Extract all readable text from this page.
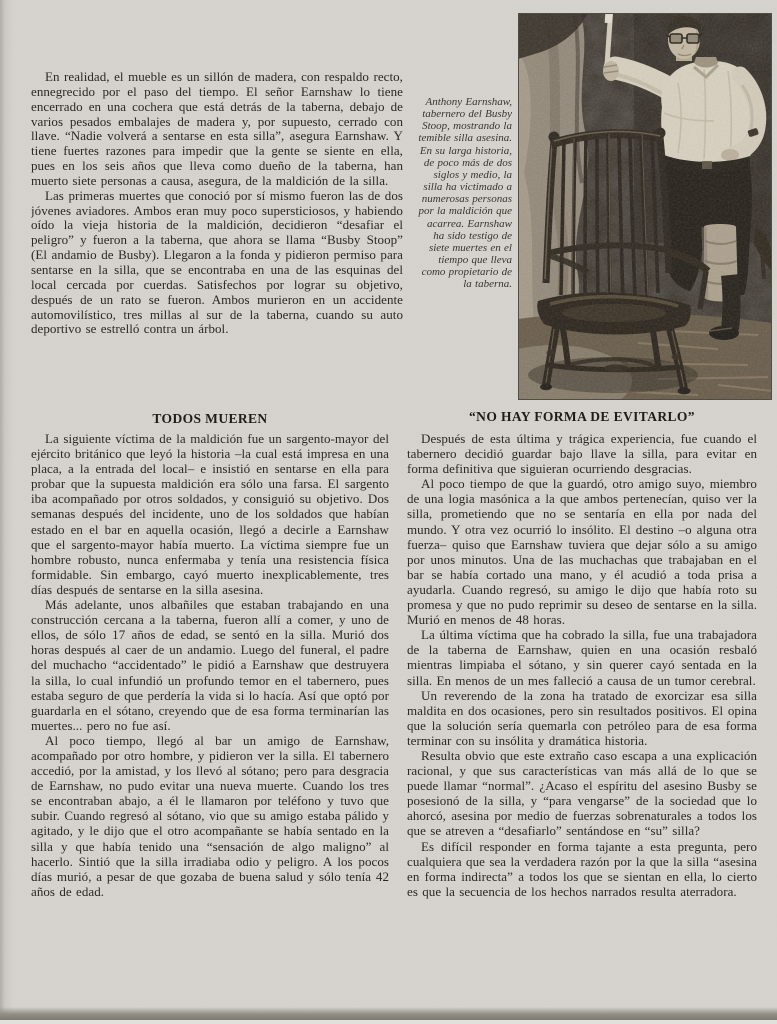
En realidad, el mueble es un sillón de madera, con respaldo recto, ennegrecido por el paso del tiempo. El señor Earnshaw lo tiene encerrado en una cochera que está detrás de la taberna, debajo de varios pesados embalajes de madera y, por supuesto, cerrado con llave. “Nadie volverá a sentarse en esta silla”, asegura Earnshaw. Y tiene fuertes razones para impedir que la gente se siente en ella, pues en los seis años que lleva como dueño de la taberna, han muerto siete personas a causa, asegura, de la maldición de la silla.

Las primeras muertes que conoció por sí mismo fueron las de dos jóvenes aviadores. Ambos eran muy poco supersticiosos, y habiendo oído la vieja historia de la maldición, decidieron “desafiar el peligro” y fueron a la taberna, que ahora se llama “Busby Stoop” (El andamio de Busby). Llegaron a la fonda y pidieron permiso para sentarse en la silla, que se encontraba en una de las esquinas del local cercada por cuerdas. Satisfechos por lograr su objetivo, después de un rato se fueron. Ambos murieron en un accidente automovilístico, tres millas al sur de la taberna, cuando su auto deportivo se estrelló contra un árbol.

Anthony Earnshaw, tabernero del Busby Stoop, mostrando la temible silla asesina. En su larga historia, de poco más de dos siglos y medio, la silla ha victimado a numerosas personas por la maldición que acarrea. Earnshaw ha sido testigo de siete muertes en el tiempo que lleva como propietario de la taberna.
TODOS MUEREN	“NO HAY FORMA DE EVITARLO”

La siguiente víctima de la maldición fue un sargento-mayor del ejército británico que leyó la historia –la cual está impresa en una placa, a la entrada del local– e insistió en sentarse en ella para probar que la supuesta maldición era sólo una farsa. El sargento iba acompañado por otros soldados, y consiguió su objetivo. Dos semanas después del incidente, uno de los soldados que habían estado en el bar en aquella ocasión, llegó a decirle a Earnshaw que el sargento-mayor había muerto. La víctima siempre fue un hombre robusto, nunca enfermaba y tenía una resistencia física formidable. Sin embargo, cayó muerto inexplicablemente, tres días después de sentarse en la silla asesina.

Más adelante, unos albañiles que estaban trabajando en una construcción cercana a la taberna, fueron allí a comer, y uno de ellos, de sólo 17 años de edad, se sentó en la silla. Murió dos horas después al caer de un andamio. Luego del funeral, el padre del muchacho “accidentado” le pidió a Earnshaw que destruyera la silla, lo cual infundió un profundo temor en el tabernero, pues estaba seguro de que perdería la vida si lo hacía. Así que optó por guardarla en el sótano, creyendo que de esa forma terminarían las muertes... pero no fue así.

Al poco tiempo, llegó al bar un amigo de Earnshaw, acompañado por otro hombre, y pidieron ver la silla. El tabernero accedió, por la amistad, y los llevó al sótano; pero para desgracia de Earnshaw, no pudo evitar una nueva muerte. Cuando los tres se encontraban abajo, a él le llamaron por teléfono y tuvo que subir. Cuando regresó al sótano, vio que su amigo estaba pálido y agitado, y le dijo que el otro acompañante se había sentado en la silla y que había tenido una “sensación de algo maligno” al hacerlo. Sintió que la silla irradiaba odio y peligro. A los pocos días murió, a pesar de que gozaba de buena salud y sólo tenía 42 años de edad.

Después de esta última y trágica experiencia, fue cuando el tabernero decidió guardar bajo llave la silla, para evitar en forma definitiva que siguieran ocurriendo desgracias.

Al poco tiempo de que la guardó, otro amigo suyo, miembro de una logia masónica a la que ambos pertenecían, quiso ver la silla, prometiendo que no se sentaría en ella por nada del mundo. Y otra vez ocurrió lo insólito. El destino –o alguna otra fuerza– quiso que Earnshaw tuviera que dejar sólo a su amigo por unos minutos. Una de las muchachas que trabajaban en el bar se había cortado una mano, y él acudió a toda prisa a ayudarla. Cuando regresó, su amigo le dijo que había roto su promesa y que no pudo reprimir su deseo de sentarse en la silla. Murió en menos de 48 horas.

La última víctima que ha cobrado la silla, fue una trabajadora de la taberna de Earnshaw, quien en una ocasión resbaló mientras limpiaba el sótano, y sin querer cayó sentada en la silla. En menos de un mes falleció a causa de un tumor cerebral.

Un reverendo de la zona ha tratado de exorcizar esa silla maldita en dos ocasiones, pero sin resultados positivos. El opina que la solución sería quemarla con petróleo para de esa forma terminar con su insólita y dramática historia.

Resulta obvio que este extraño caso escapa a una explicación racional, y que sus características van más allá de lo que se puede llamar “normal”. ¿Acaso el espíritu del asesino Busby se posesionó de la silla, y “para vengarse” de la sociedad que lo ahorcó, asesina por medio de fuerzas sobrenaturales a todos los que se atreven a “desafiarlo” sentándose en “su” silla?

Es difícil responder en forma tajante a esta pregunta, pero cualquiera que sea la verdadera razón por la que la silla “asesina en forma indirecta” a todos los que se sientan en ella, lo cierto es que la secuencia de los hechos narrados resulta aterradora.
